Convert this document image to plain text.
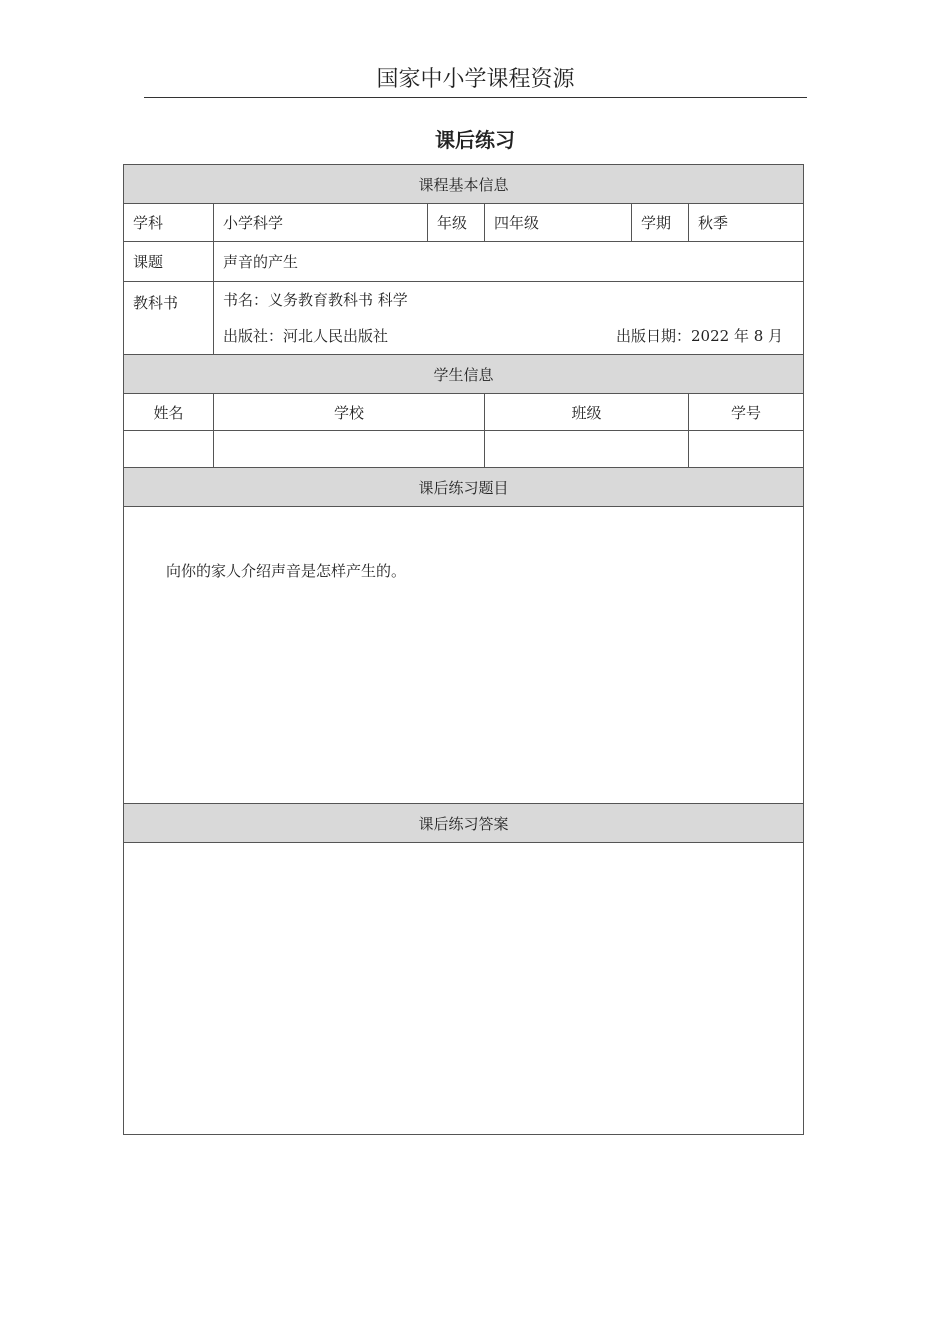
国家中小学课程资源
课后练习
课程基本信息					
学科	小学科学	年级	四年级	学期	秋季
课题	声音的产生				
教科书	书名：义务教育教科书 科学
出版社：河北人民出版社 出版日期：2022 年 8 月				

学生信息					
姓名	学校		班级		学号

课后练习题目					

向你的家人介绍声音是怎样产生的。					

课后练习答案					
